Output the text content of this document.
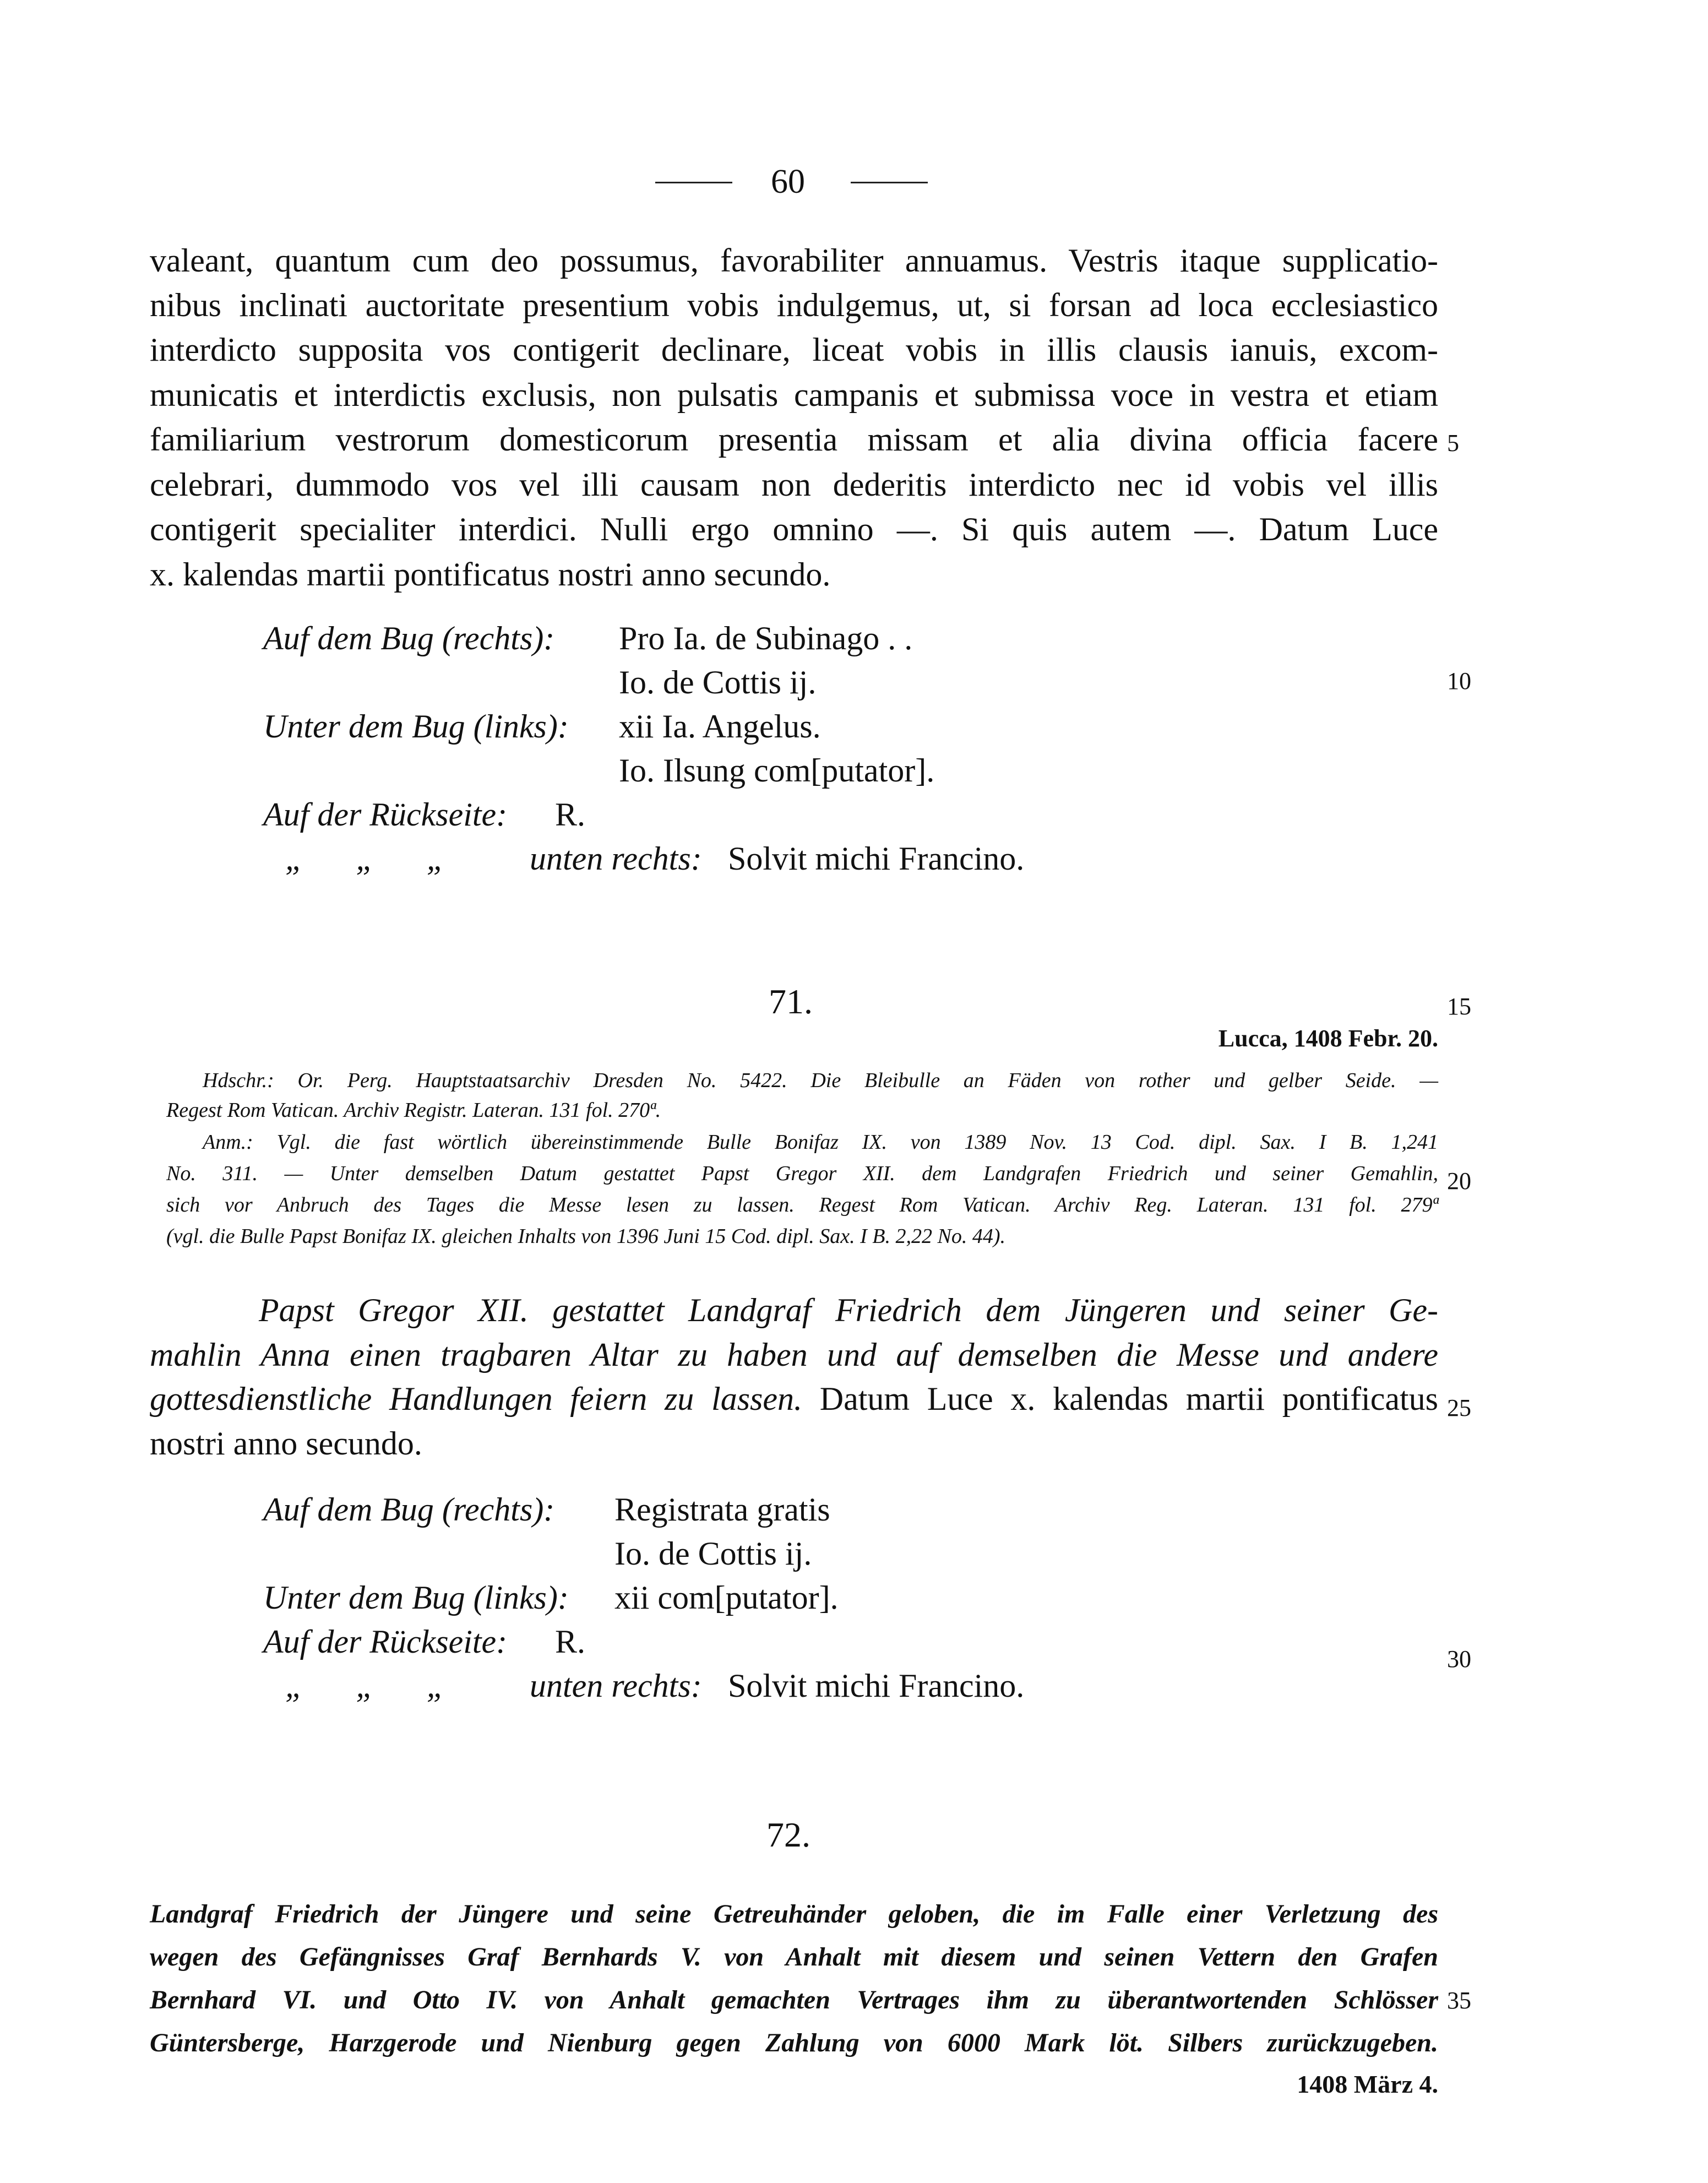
60
valeant, quantum cum deo possumus, favorabiliter annuamus. Vestris itaque supplicatio-
nibus inclinati auctoritate presentium vobis indulgemus, ut, si forsan ad loca ecclesiastico
interdicto supposita vos contigerit declinare, liceat vobis in illis clausis ianuis, excom-
municatis et interdictis exclusis, non pulsatis campanis et submissa voce in vestra et etiam
familiarium vestrorum domesticorum presentia missam et alia divina officia facere
celebrari, dummodo vos vel illi causam non dederitis interdicto nec id vobis vel illis
contigerit specialiter interdici. Nulli ergo omnino —. Si quis autem —. Datum Luce
x. kalendas martii pontificatus nostri anno secundo.
5
10
15
20
25
30
35
Auf dem Bug (rechts): Pro Ia. de Subinago . .
Io. de Cottis ij.
Unter dem Bug (links): xii Ia. Angelus.
Io. Ilsung com[putator].
Auf der Rückseite: R.
„ „ „	unten rechts: Solvit michi Francino.
71.
Lucca, 1408 Febr. 20.
Hdschr.: Or. Perg. Hauptstaatsarchiv Dresden No. 5422. Die Bleibulle an Fäden von rother und gelber Seide. —
Regest Rom Vatican. Archiv Registr. Lateran. 131 fol. 270ª.
Anm.: Vgl. die fast wörtlich übereinstimmende Bulle Bonifaz IX. von 1389 Nov. 13 Cod. dipl. Sax. I B. 1,241
No. 311. — Unter demselben Datum gestattet Papst Gregor XII. dem Landgrafen Friedrich und seiner Gemahlin,
sich vor Anbruch des Tages die Messe lesen zu lassen. Regest Rom Vatican. Archiv Reg. Lateran. 131 fol. 279ª
(vgl. die Bulle Papst Bonifaz IX. gleichen Inhalts von 1396 Juni 15 Cod. dipl. Sax. I B. 2,22 No. 44).
Papst Gregor XII. gestattet Landgraf Friedrich dem Jüngeren und seiner Ge-
mahlin Anna einen tragbaren Altar zu haben und auf demselben die Messe und andere
gottesdienstliche Handlungen feiern zu lassen. Datum Luce x. kalendas martii pontificatus
nostri anno secundo.
Auf dem Bug (rechts): Registrata gratis
Io. de Cottis ij.
Unter dem Bug (links): xii com[putator].
Auf der Rückseite: R.
„ „ „	unten rechts: Solvit michi Francino.
72.
Landgraf Friedrich der Jüngere und seine Getreuhänder geloben, die im Falle einer Verletzung des
wegen des Gefängnisses Graf Bernhards V. von Anhalt mit diesem und seinen Vettern den Grafen
Bernhard VI. und Otto IV. von Anhalt gemachten Vertrages ihm zu überantwortenden Schlösser
Güntersberge, Harzgerode und Nienburg gegen Zahlung von 6000 Mark löt. Silbers zurückzugeben.
1408 März 4.
